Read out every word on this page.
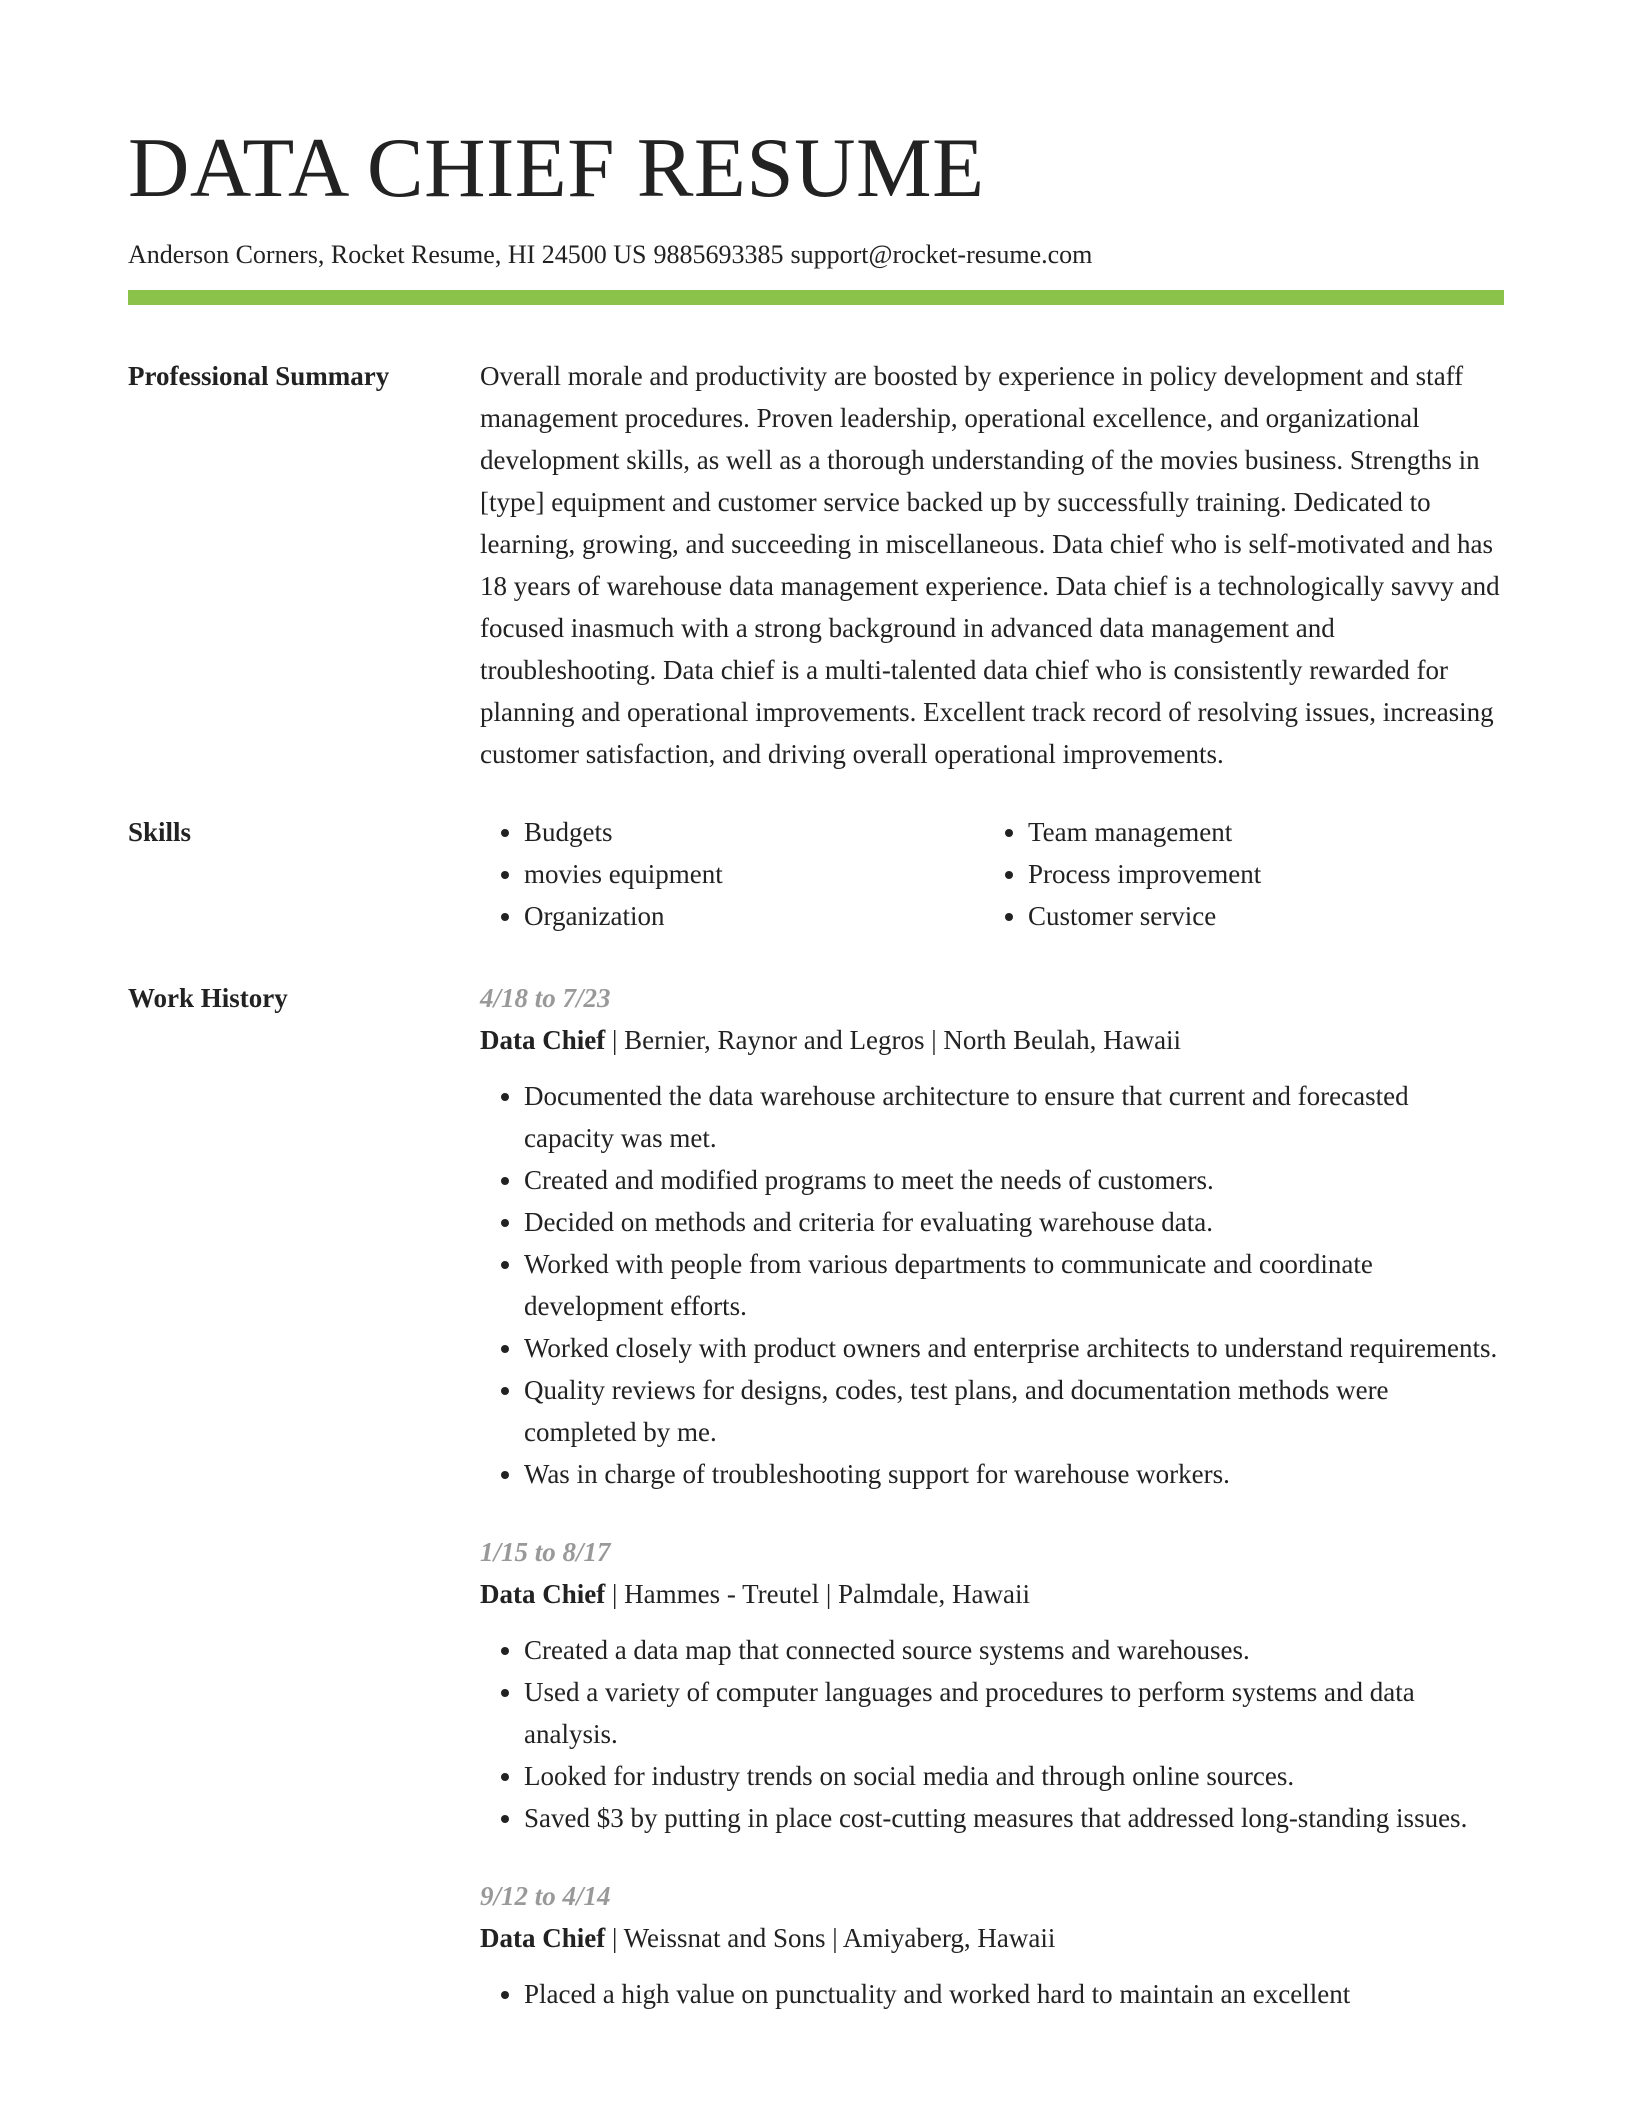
DATA CHIEF RESUME
Anderson Corners, Rocket Resume, HI 24500 US 9885693385 support@rocket-resume.com
Professional Summary	Overall morale and productivity are boosted by experience in policy development and staff management procedures. Proven leadership, operational excellence, and organizational development skills, as well as a thorough understanding of the movies business. Strengths in [type] equipment and customer service backed up by successfully training. Dedicated to learning, growing, and succeeding in miscellaneous. Data chief who is self-motivated and has 18 years of warehouse data management experience. Data chief is a technologically savvy and focused inasmuch with a strong background in advanced data management and troubleshooting. Data chief is a multi-talented data chief who is consistently rewarded for planning and operational improvements. Excellent track record of resolving issues, increasing customer satisfaction, and driving overall operational improvements.

Skills
•	Budgets
• movies equipment
• Organization
• Team management
• Process improvement
• Customer service
Work History	4/18 to 7/23
Data Chief | Bernier, Raynor and Legros | North Beulah, Hawaii
• Documented the data warehouse architecture to ensure that current and forecasted capacity was met.
• Created and modified programs to meet the needs of customers.
• Decided on methods and criteria for evaluating warehouse data.
• Worked with people from various departments to communicate and coordinate development efforts.
• Worked closely with product owners and enterprise architects to understand requirements.
• Quality reviews for designs, codes, test plans, and documentation methods were completed by me.
• Was in charge of troubleshooting support for warehouse workers.
1/15 to 8/17
Data Chief | Hammes - Treutel | Palmdale, Hawaii
• Created a data map that connected source systems and warehouses.
• Used a variety of computer languages and procedures to perform systems and data analysis.
• Looked for industry trends on social media and through online sources.
• Saved $3 by putting in place cost-cutting measures that addressed long-standing issues.
9/12 to 4/14
Data Chief | Weissnat and Sons | Amiyaberg, Hawaii
• Placed a high value on punctuality and worked hard to maintain an excellent
